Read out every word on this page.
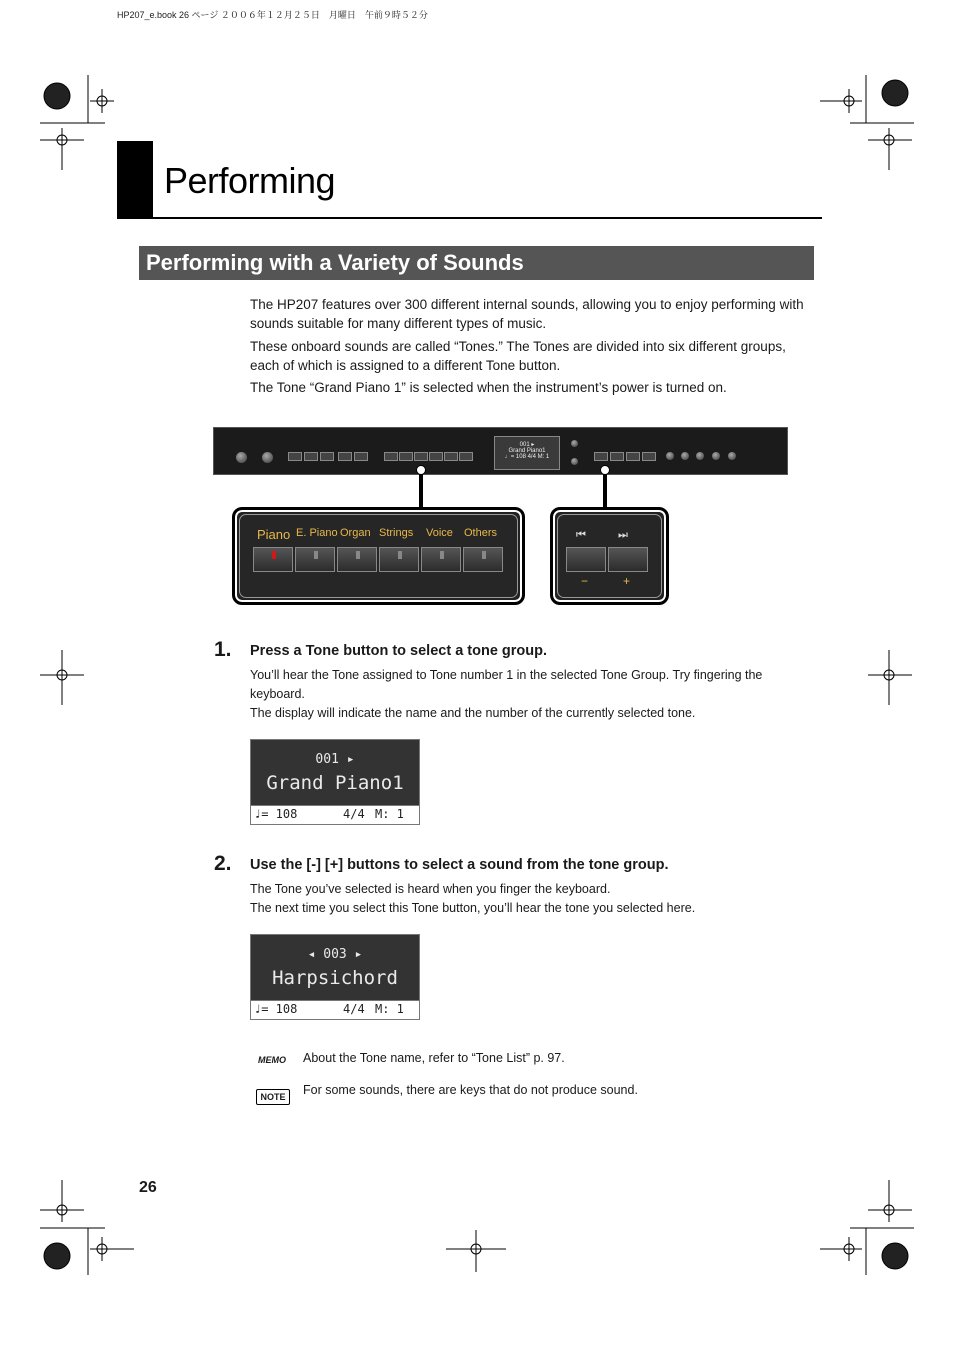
HP207_e.book 26 ページ ２００６年１２月２５日　月曜日　午前９時５２分
Performing
Performing with a Variety of Sounds
The HP207 features over 300 different internal sounds, allowing you to enjoy performing with sounds suitable for many different types of music.
These onboard sounds are called “Tones.” The Tones are divided into six different groups, each of which is assigned to a different Tone button.
The Tone “Grand Piano 1” is selected when the instrument’s power is turned on.
001 ▸
Grand Piano1
♩= 108 4/4 M: 1
Piano E. Piano Organ Strings Voice Others	⏮	⏭
−	+
1. Press a Tone button to select a tone group.
You’ll hear the Tone assigned to Tone number 1 in the selected Tone Group. Try fingering the keyboard.
The display will indicate the name and the number of the currently selected tone.
001 ▸
Grand Piano1
♩= 108	4/4 M: 1
2. Use the [-] [+] buttons to select a sound from the tone group.
The Tone you’ve selected is heard when you finger the keyboard.
The next time you select this Tone button, you’ll hear the tone you selected here.
◂ 003 ▸
Harpsichord
♩= 108	4/4 M: 1
MEMO About the Tone name, refer to “Tone List” p. 97.
NOTE	For some sounds, there are keys that do not produce sound.
26
